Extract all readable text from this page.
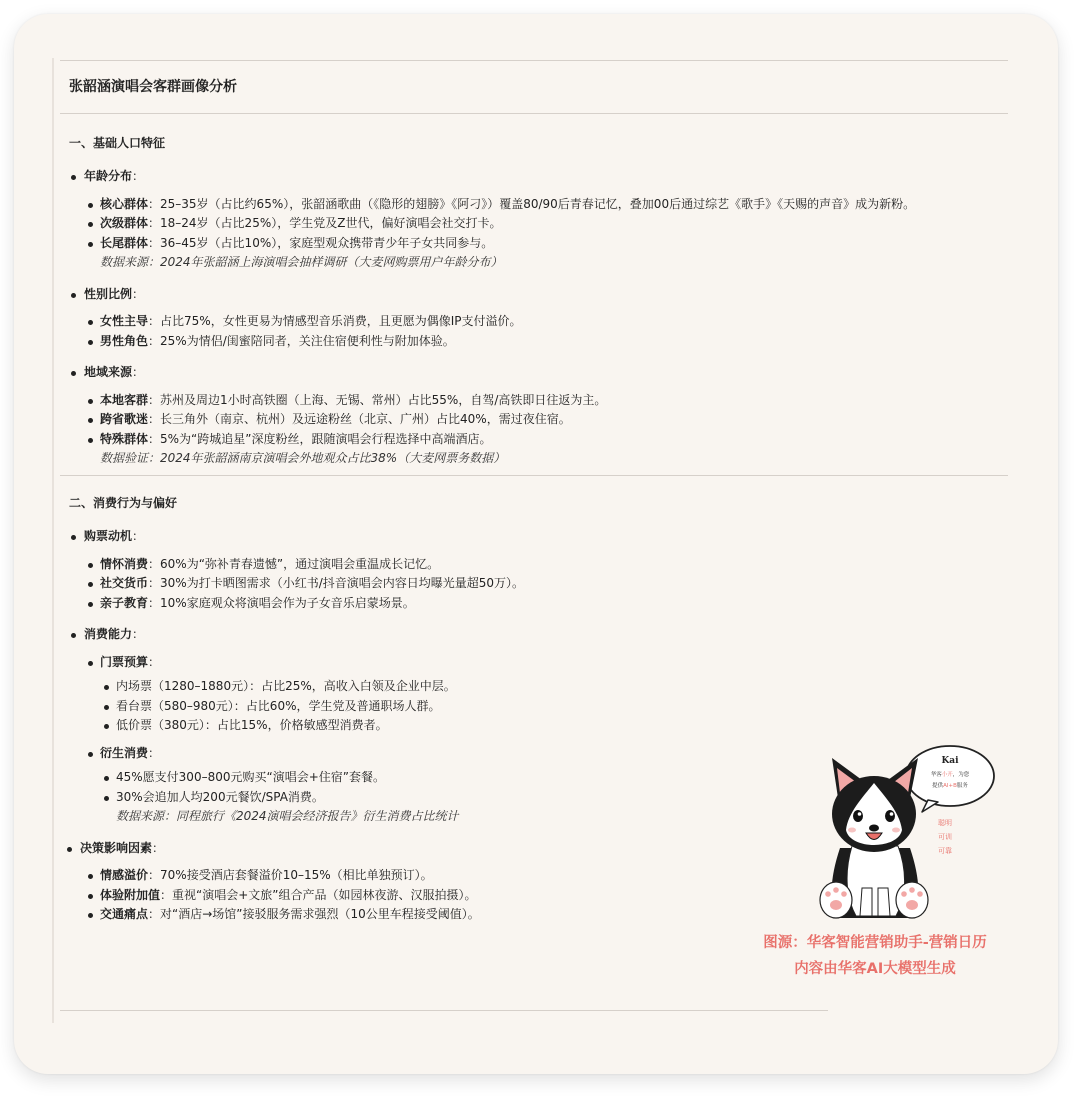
张韶涵演唱会客群画像分析
一、基础人口特征
年龄分布：
核心群体：25–35岁（占比约65%），张韶涵歌曲（《隐形的翅膀》《阿刁》）覆盖80/90后青春记忆，叠加00后通过综艺《歌手》《天赐的声音》成为新粉。
次级群体：18–24岁（占比25%），学生党及Z世代，偏好演唱会社交打卡。
长尾群体：36–45岁（占比10%），家庭型观众携带青少年子女共同参与。
数据来源：2024年张韶涵上海演唱会抽样调研（大麦网购票用户年龄分布）
性别比例：
女性主导：占比75%，女性更易为情感型音乐消费，且更愿为偶像IP支付溢价。
男性角色：25%为情侣/闺蜜陪同者，关注住宿便利性与附加体验。
地域来源：
本地客群：苏州及周边1小时高铁圈（上海、无锡、常州）占比55%，自驾/高铁即日往返为主。
跨省歌迷：长三角外（南京、杭州）及远途粉丝（北京、广州）占比40%，需过夜住宿。
特殊群体：5%为“跨城追星”深度粉丝，跟随演唱会行程选择中高端酒店。
数据验证：2024年张韶涵南京演唱会外地观众占比38%（大麦网票务数据）
二、消费行为与偏好
购票动机：
情怀消费：60%为“弥补青春遗憾”，通过演唱会重温成长记忆。
社交货币：30%为打卡晒图需求（小红书/抖音演唱会内容日均曝光量超50万）。
亲子教育：10%家庭观众将演唱会作为子女音乐启蒙场景。
消费能力：
门票预算：
内场票（1280–1880元）：占比25%，高收入白领及企业中层。
看台票（580–980元）：占比60%，学生党及普通职场人群。
低价票（380元）：占比15%，价格敏感型消费者。
衍生消费：
45%愿支付300–800元购买“演唱会+住宿”套餐。
30%会追加人均200元餐饮/SPA消费。
数据来源：同程旅行《2024演唱会经济报告》衍生消费占比统计
决策影响因素：
情感溢价：70%接受酒店套餐溢价10–15%（相比单独预订）。
体验附加值：重视“演唱会+文旅”组合产品（如园林夜游、汉服拍摄）。
交通痛点：对“酒店→场馆”接驳服务需求强烈（10公里车程接受阈值）。
Kai
华客小开，为您
提供AI+B服务
聪明
可训
可靠
图源：华客智能营销助手-营销日历
内容由华客AI大模型生成
